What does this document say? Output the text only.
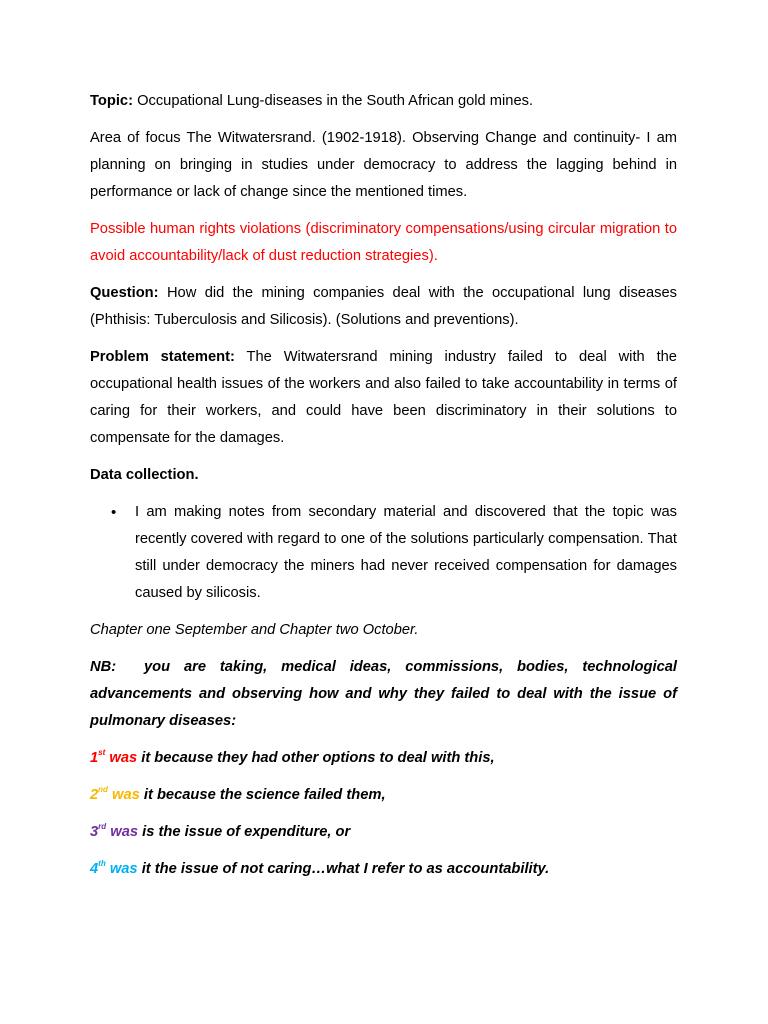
Topic: Occupational Lung-diseases in the South African gold mines.

Area of focus The Witwatersrand. (1902-1918). Observing Change and continuity- I am planning on bringing in studies under democracy to address the lagging behind in performance or lack of change since the mentioned times.

Possible human rights violations (discriminatory compensations/using circular migration to avoid accountability/lack of dust reduction strategies).

Question: How did the mining companies deal with the occupational lung diseases (Phthisis: Tuberculosis and Silicosis). (Solutions and preventions).

Problem statement: The Witwatersrand mining industry failed to deal with the occupational health issues of the workers and also failed to take accountability in terms of caring for their workers, and could have been discriminatory in their solutions to compensate for the damages.

Data collection.

• I am making notes from secondary material and discovered that the topic was recently covered with regard to one of the solutions particularly compensation. That still under democracy the miners had never received compensation for damages caused by silicosis.

Chapter one September and Chapter two October.

NB: you are taking, medical ideas, commissions, bodies, technological advancements and observing how and why they failed to deal with the issue of pulmonary diseases:

1st was it because they had other options to deal with this,

2nd was it because the science failed them,

3rd was is the issue of expenditure, or

4th was it the issue of not caring…what I refer to as accountability.
